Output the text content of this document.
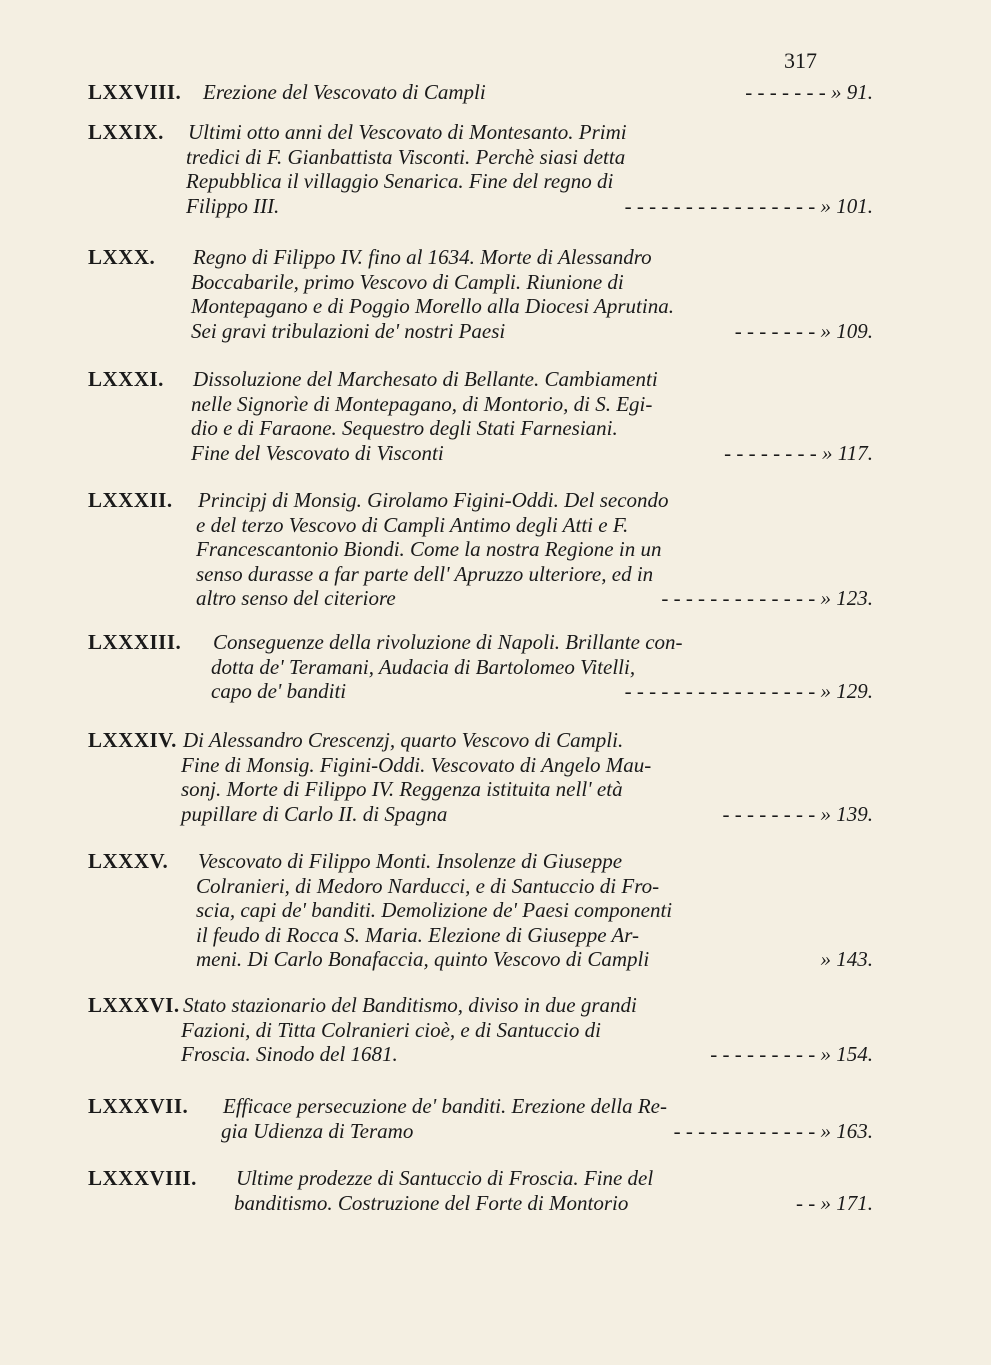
317
LXXVIII.	Erezione del Vescovato di Campli	- - - - - - - » 91.
LXXIX.	Ultimi otto anni del Vescovato di Montesanto. Primi
tredici di F. Gianbattista Visconti. Perchè siasi detta
Repubblica il villaggio Senarica. Fine del regno di
Filippo III.	- - - - - - - - - - - - - - - - » 101.
LXXX.	Regno di Filippo IV. fino al 1634. Morte di Alessandro
Boccabarile, primo Vescovo di Campli. Riunione di
Montepagano e di Poggio Morello alla Diocesi Aprutina.
Sei gravi tribulazioni de' nostri Paesi	- - - - - - - » 109.
LXXXI.	Dissoluzione del Marchesato di Bellante. Cambiamenti
nelle Signorìe di Montepagano, di Montorio, di S. Egi-
dio e di Faraone. Sequestro degli Stati Farnesiani.
Fine del Vescovato di Visconti	- - - - - - - - » 117.
LXXXII.	Principj di Monsig. Girolamo Figini-Oddi. Del secondo
e del terzo Vescovo di Campli Antimo degli Atti e F.
Francescantonio Biondi. Come la nostra Regione in un
senso durasse a far parte dell' Apruzzo ulteriore, ed in
altro senso del citeriore	- - - - - - - - - - - - - » 123.
LXXXIII.	Conseguenze della rivoluzione di Napoli. Brillante con-
dotta de' Teramani, Audacia di Bartolomeo Vitelli,
capo de' banditi	- - - - - - - - - - - - - - - - » 129.
LXXXIV. Di Alessandro Crescenzj, quarto Vescovo di Campli.
Fine di Monsig. Figini-Oddi. Vescovato di Angelo Mau-
sonj. Morte di Filippo IV. Reggenza istituita nell' età
pupillare di Carlo II. di Spagna	- - - - - - - - » 139.
LXXXV.	Vescovato di Filippo Monti. Insolenze di Giuseppe
Colranieri, di Medoro Narducci, e di Santuccio di Fro-
scia, capi de' banditi. Demolizione de' Paesi componenti
il feudo di Rocca S. Maria. Elezione di Giuseppe Ar-
meni. Di Carlo Bonafaccia, quinto Vescovo di Campli	» 143.
LXXXVI. Stato stazionario del Banditismo, diviso in due grandi
Fazioni, di Titta Colranieri cioè, e di Santuccio di
Froscia. Sinodo del 1681.	- - - - - - - - - » 154.
LXXXVII.	Efficace persecuzione de' banditi. Erezione della Re-
gia Udienza di Teramo	- - - - - - - - - - - - » 163.
LXXXVIII.	Ultime prodezze di Santuccio di Froscia. Fine del
banditismo. Costruzione del Forte di Montorio	- - » 171.
